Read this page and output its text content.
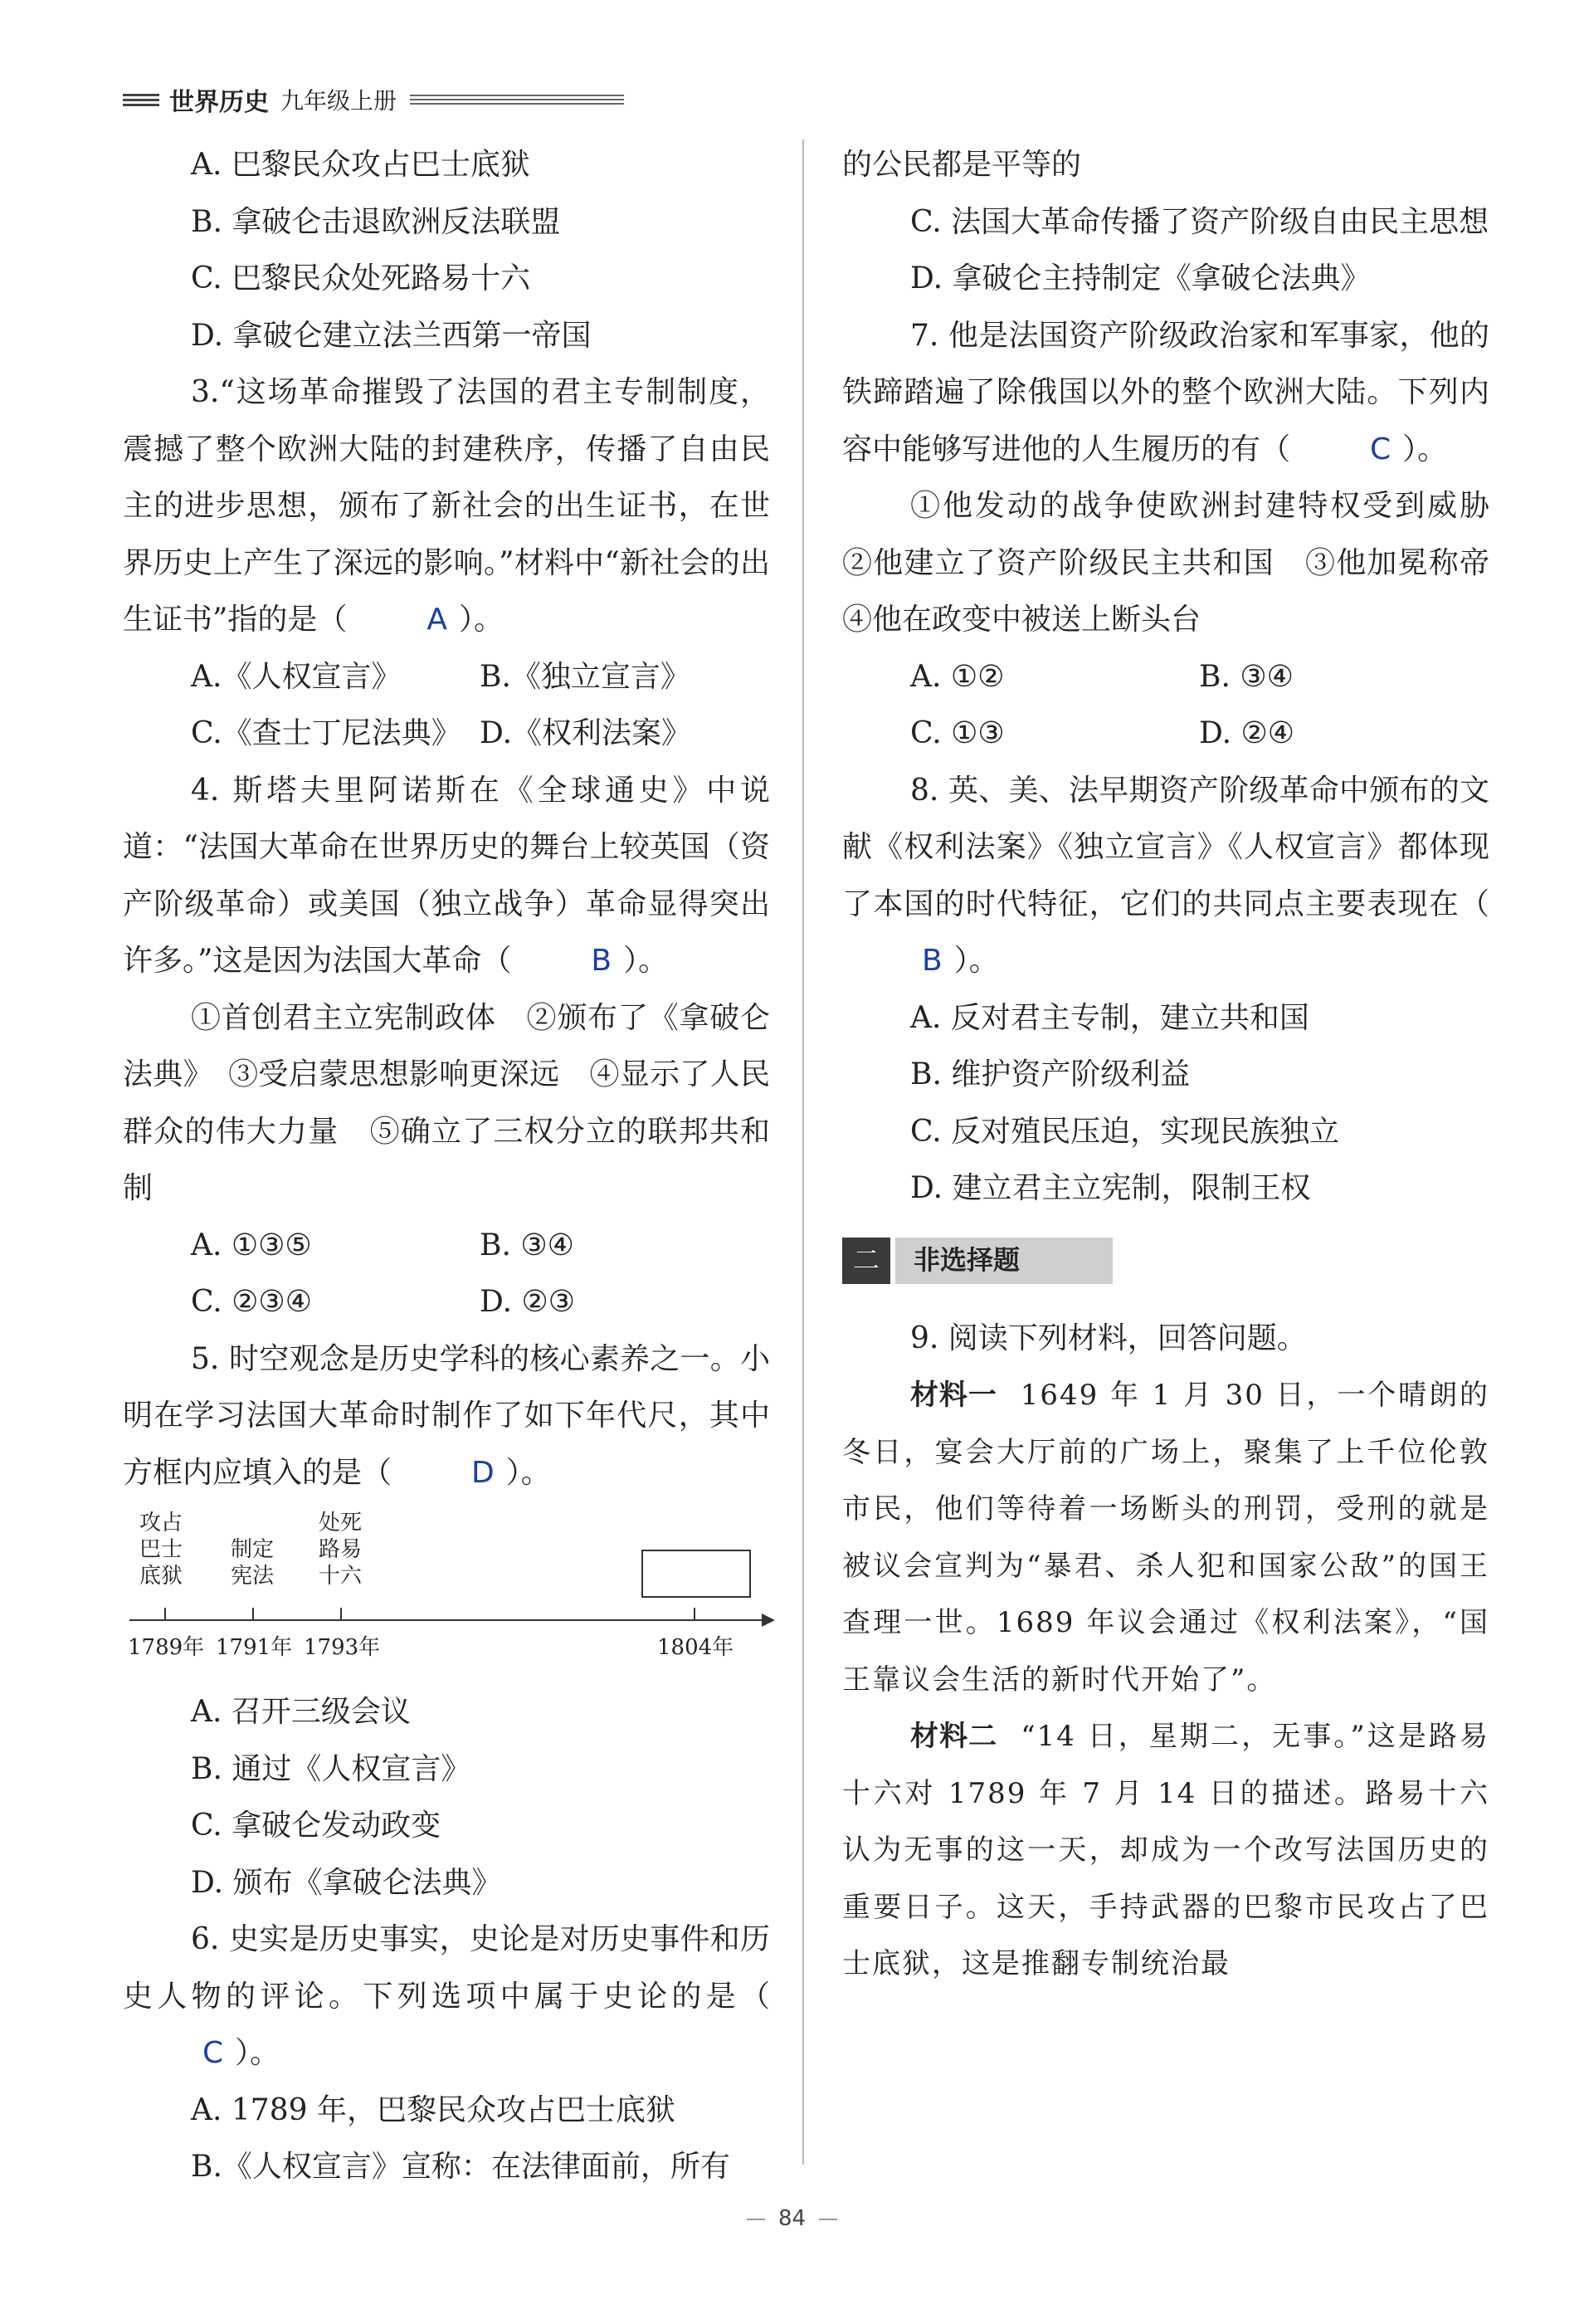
世界历史 九年级上册

A. 巴黎民众攻占巴士底狱

B. 拿破仑击退欧洲反法联盟

C. 巴黎民众处死路易十六

D. 拿破仑建立法兰西第一帝国

3.“这场革命摧毁了法国的君主专制制度，震撼了整个欧洲大陆的封建秩序，传播了自由民主的进步思想，颁布了新社会的出生证书，在世界历史上产生了深远的影响。”材料中“新社会的出生证书”指的是（	A ）。

A.《人权宣言》	B.《独立宣言》
C.《查士丁尼法典》 D.《权利法案》

4. 斯塔夫里阿诺斯在《全球通史》中说道：“法国大革命在世界历史的舞台上较英国（资产阶级革命）或美国（独立战争）革命显得突出许多。”这是因为法国大革命（	B ）。

①首创君主立宪制政体　②颁布了《拿破仑法典》　③受启蒙思想影响更深远　④显示了人民群众的伟大力量　⑤确立了三权分立的联邦共和制

A. ①③⑤	B. ③④
C. ②③④	D. ②③

5. 时空观念是历史学科的核心素养之一。小明在学习法国大革命时制作了如下年代尺，其中方框内应填入的是（	D ）。

攻占
巴士
底狱
制定
宪法
处死
路易
十六
1789年 1791年 1793年	1804年

A. 召开三级会议

B. 通过《人权宣言》

C. 拿破仑发动政变

D. 颁布《拿破仑法典》

6. 史实是历史事实，史论是对历史事件和历史人物的评论。下列选项中属于史论的是（C ）。

A. 1789 年，巴黎民众攻占巴士底狱

B.《人权宣言》宣称：在法律面前，所有

的公民都是平等的

C. 法国大革命传播了资产阶级自由民主思想

D. 拿破仑主持制定《拿破仑法典》

7. 他是法国资产阶级政治家和军事家，他的铁蹄踏遍了除俄国以外的整个欧洲大陆。下列内容中能够写进他的人生履历的有（	C ）。

①他发动的战争使欧洲封建特权受到威胁　②他建立了资产阶级民主共和国　③他加冕称帝　④他在政变中被送上断头台

A. ①②	B. ③④
C. ①③	D. ②④

8. 英、美、法早期资产阶级革命中颁布的文献《权利法案》《独立宣言》《人权宣言》都体现了本国的时代特征，它们的共同点主要表现在（B ）。

A. 反对君主专制，建立共和国

B. 维护资产阶级利益

C. 反对殖民压迫，实现民族独立

D. 建立君主立宪制，限制王权

二	非选择题

9. 阅读下列材料，回答问题。

材料一 1649 年 1 月 30 日，一个晴朗的冬日，宴会大厅前的广场上，聚集了上千位伦敦市民，他们等待着一场断头的刑罚，受刑的就是被议会宣判为“暴君、杀人犯和国家公敌”的国王查理一世。1689 年议会通过《权利法案》，“国王靠议会生活的新时代开始了”。

材料二 “14 日，星期二，无事。”这是路易十六对 1789 年 7 月 14 日的描述。路易十六认为无事的这一天，却成为一个改写法国历史的重要日子。这天，手持武器的巴黎市民攻占了巴士底狱，这是推翻专制统治最

84
